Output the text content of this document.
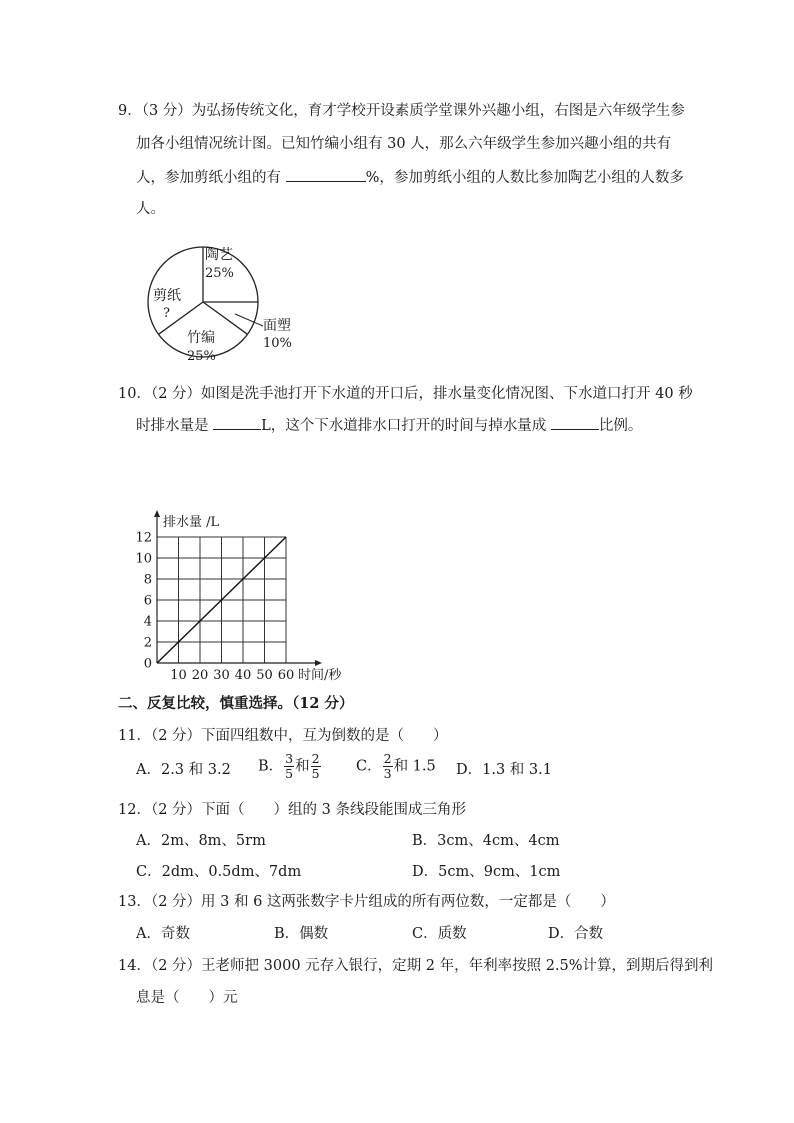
9．（3 分）为弘扬传统文化，育才学校开设素质学堂课外兴趣小组，右图是六年级学生参
加各小组情况统计图。已知竹编小组有 30 人，那么六年级学生参加兴趣小组的共有
人，参加剪纸小组的有	%，参加剪纸小组的人数比参加陶艺小组的人数多
人。
陶艺
25%
面塑
10%
竹编
25%
剪纸
?
10．（2 分）如图是洗手池打开下水道的开口后，排水量变化情况图、下水道口打开 40 秒
时排水量是	L，这个下水道排水口打开的时间与掉水量成	比例。
0
2
4
6
8
10
12
10 20 30 40 50 60
排水量 /L
时间/秒
二、反复比较，慎重选择。（12 分）
11．（2 分）下面四组数中，互为倒数的是（　　）
A．2.3 和 3.2 B． $\frac{3}{5}$ 和 $\frac{2}{5}$ C． $\frac{2}{3}$ 和 1.5 D．1.3 和 3.1
12．（2 分）下面（　　）组的 3 条线段能围成三角形
A．2m、8m、5rm	B．3cm、4cm、4cm
C．2dm、0.5dm、7dm	D．5cm、9cm、1cm
13．（2 分）用 3 和 6 这两张数字卡片组成的所有两位数，一定都是（　　）
A．奇数	B．偶数	C．质数	D．合数
14．（2 分）王老师把 3000 元存入银行，定期 2 年，年利率按照 2.5%计算，到期后得到利
息是（　　）元
